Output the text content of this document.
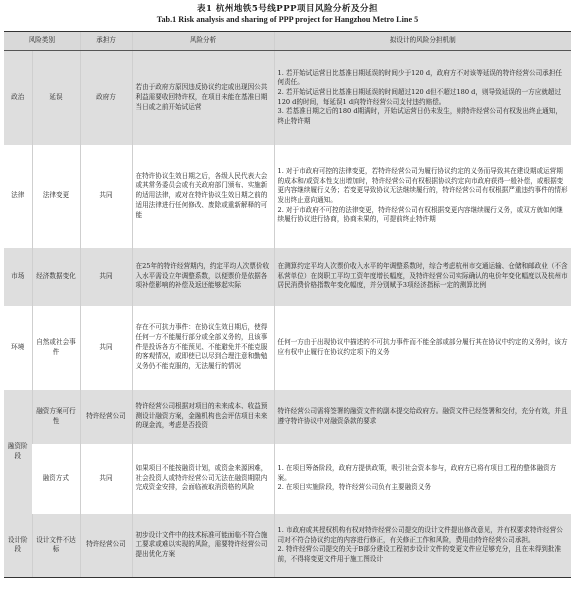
表1 杭州地铁5号线PPP项目风险分析及分担
Tab.1 Risk analysis and sharing of PPP project for Hangzhou Metro Line 5
风险类别		承担方	风险分析	拟设计的风险分担机制
政治	延误	政府方	若由于政府方原因违反协议约定或出现因公共利益需要收回特许权，在项目未能在基准日期当日或之前开始试运营	1. 若开始试运营日比基准日期延误的时间少于120 d，政府方不对该等延误的特许经营公司承担任何责任。

2. 若开始试运营日比基准日期延误的时间超过120 d但不超过180 d，则导致延误的一方应就超过120 d的时间，每延误1 d向特许经营公司支付违约赔偿。

3. 若基准日期之后的180 d期满时，开始试运营日仍未发生，则特许经营公司有权发出终止通知，终止特许期

法律	法律变更	共同	在特许协议生效日期之后，各级人民代表大会或其常务委员会或有关政府部门颁布、实施新的适用法律，或对在特许协议生效日期之前的适用法律进行任何修改、废除或重新解释的可能	1. 对于市政府可控的法律变更，若特许经营公司为履行协议约定的义务而导致其在建设期或运营期的成本和/或资本性支出增加时，特许经营公司有权根据协议约定向市政府获得一般补偿，或根据变更内容继续履行义务；若变更导致协议无法继续履行的，特许经营公司有权根据严重违约事件的情形发出终止意向通知。

2. 对于市政府不可控的法律变更，特许经营公司有权根据变更内容继续履行义务，或双方就如何继续履行协议进行协商，协商未果的，可提前终止特许期

市场	经济数据变化	共同	在25年的特许经营期内，约定平均人次票价收入水平需设立年调整系数，以便票价是依据各项补偿影响的补偿及返还能够起实际	在测算约定平均人次票价收入水平的年调整系数时，综合考虑杭州市交通运输、仓储和邮政业（不含私营单位）在岗职工平均工资年度增长幅度，及特许经营公司实际确认的电价年变化幅度以及杭州市居民消费价格指数年变化幅度，并分别赋予3项经济指标一定的测算比例
环境	自然或社会事件	共同	存在不可抗力事件：在协议生效日期后，使得任何一方不能履行部分或全部义务的，且该事件是投诉各方不能预见、不能避免并不能克服的客观情况，或即使已以尽到合理注意和勤勉义务仍不能克服的，无法履行的情况	任何一方由于出现协议中描述的不可抗力事件而不能全部或部分履行其在协议中约定的义务时，该方应有权中止履行在协议约定项下的义务
融资阶段	融资方案可行性	特许经营公司	特许经营公司根据对项目的未来成本、收益预测设计融资方案，金融机构也会评估项目未来的现金流，考虑是否投资	特许经营公司需将签署的融资文件的副本提交给政府方。融资文件已经签署和交付，充分有效，并且遵守特许协议中对融资条款的要求
	融资方式	共同	如果项目不能按融资计划，或资金来源困难，社会投资人或特许经营公司无法在融资期限内完成资金安排，会面临被取消资格的风险	1. 在项目筹备阶段，政府方提供政策，吸引社会资本参与，政府方已将有项目工程的整体融资方案。

2. 在项目实施阶段，特许经营公司负有主要融资义务

设计阶段	设计文件不达标	特许经营公司	初步设计文件中的技术标准可能面临不符合施工要求或难以实现的风险，需要特许经营公司提出优化方案	1. 市政府或其授权机构有权对特许经营公司提交的设计文件提出修改意见，并有权要求特许经营公司对不符合协议约定的内容进行修正，有关修正工作和风险，费用由特许经营公司承担。

2. 特许经营公司提交的关于B部分建设工程初步设计文件的变更文件应足够充分，且在未得到批准前，不得将变更文件用于施工图设计
